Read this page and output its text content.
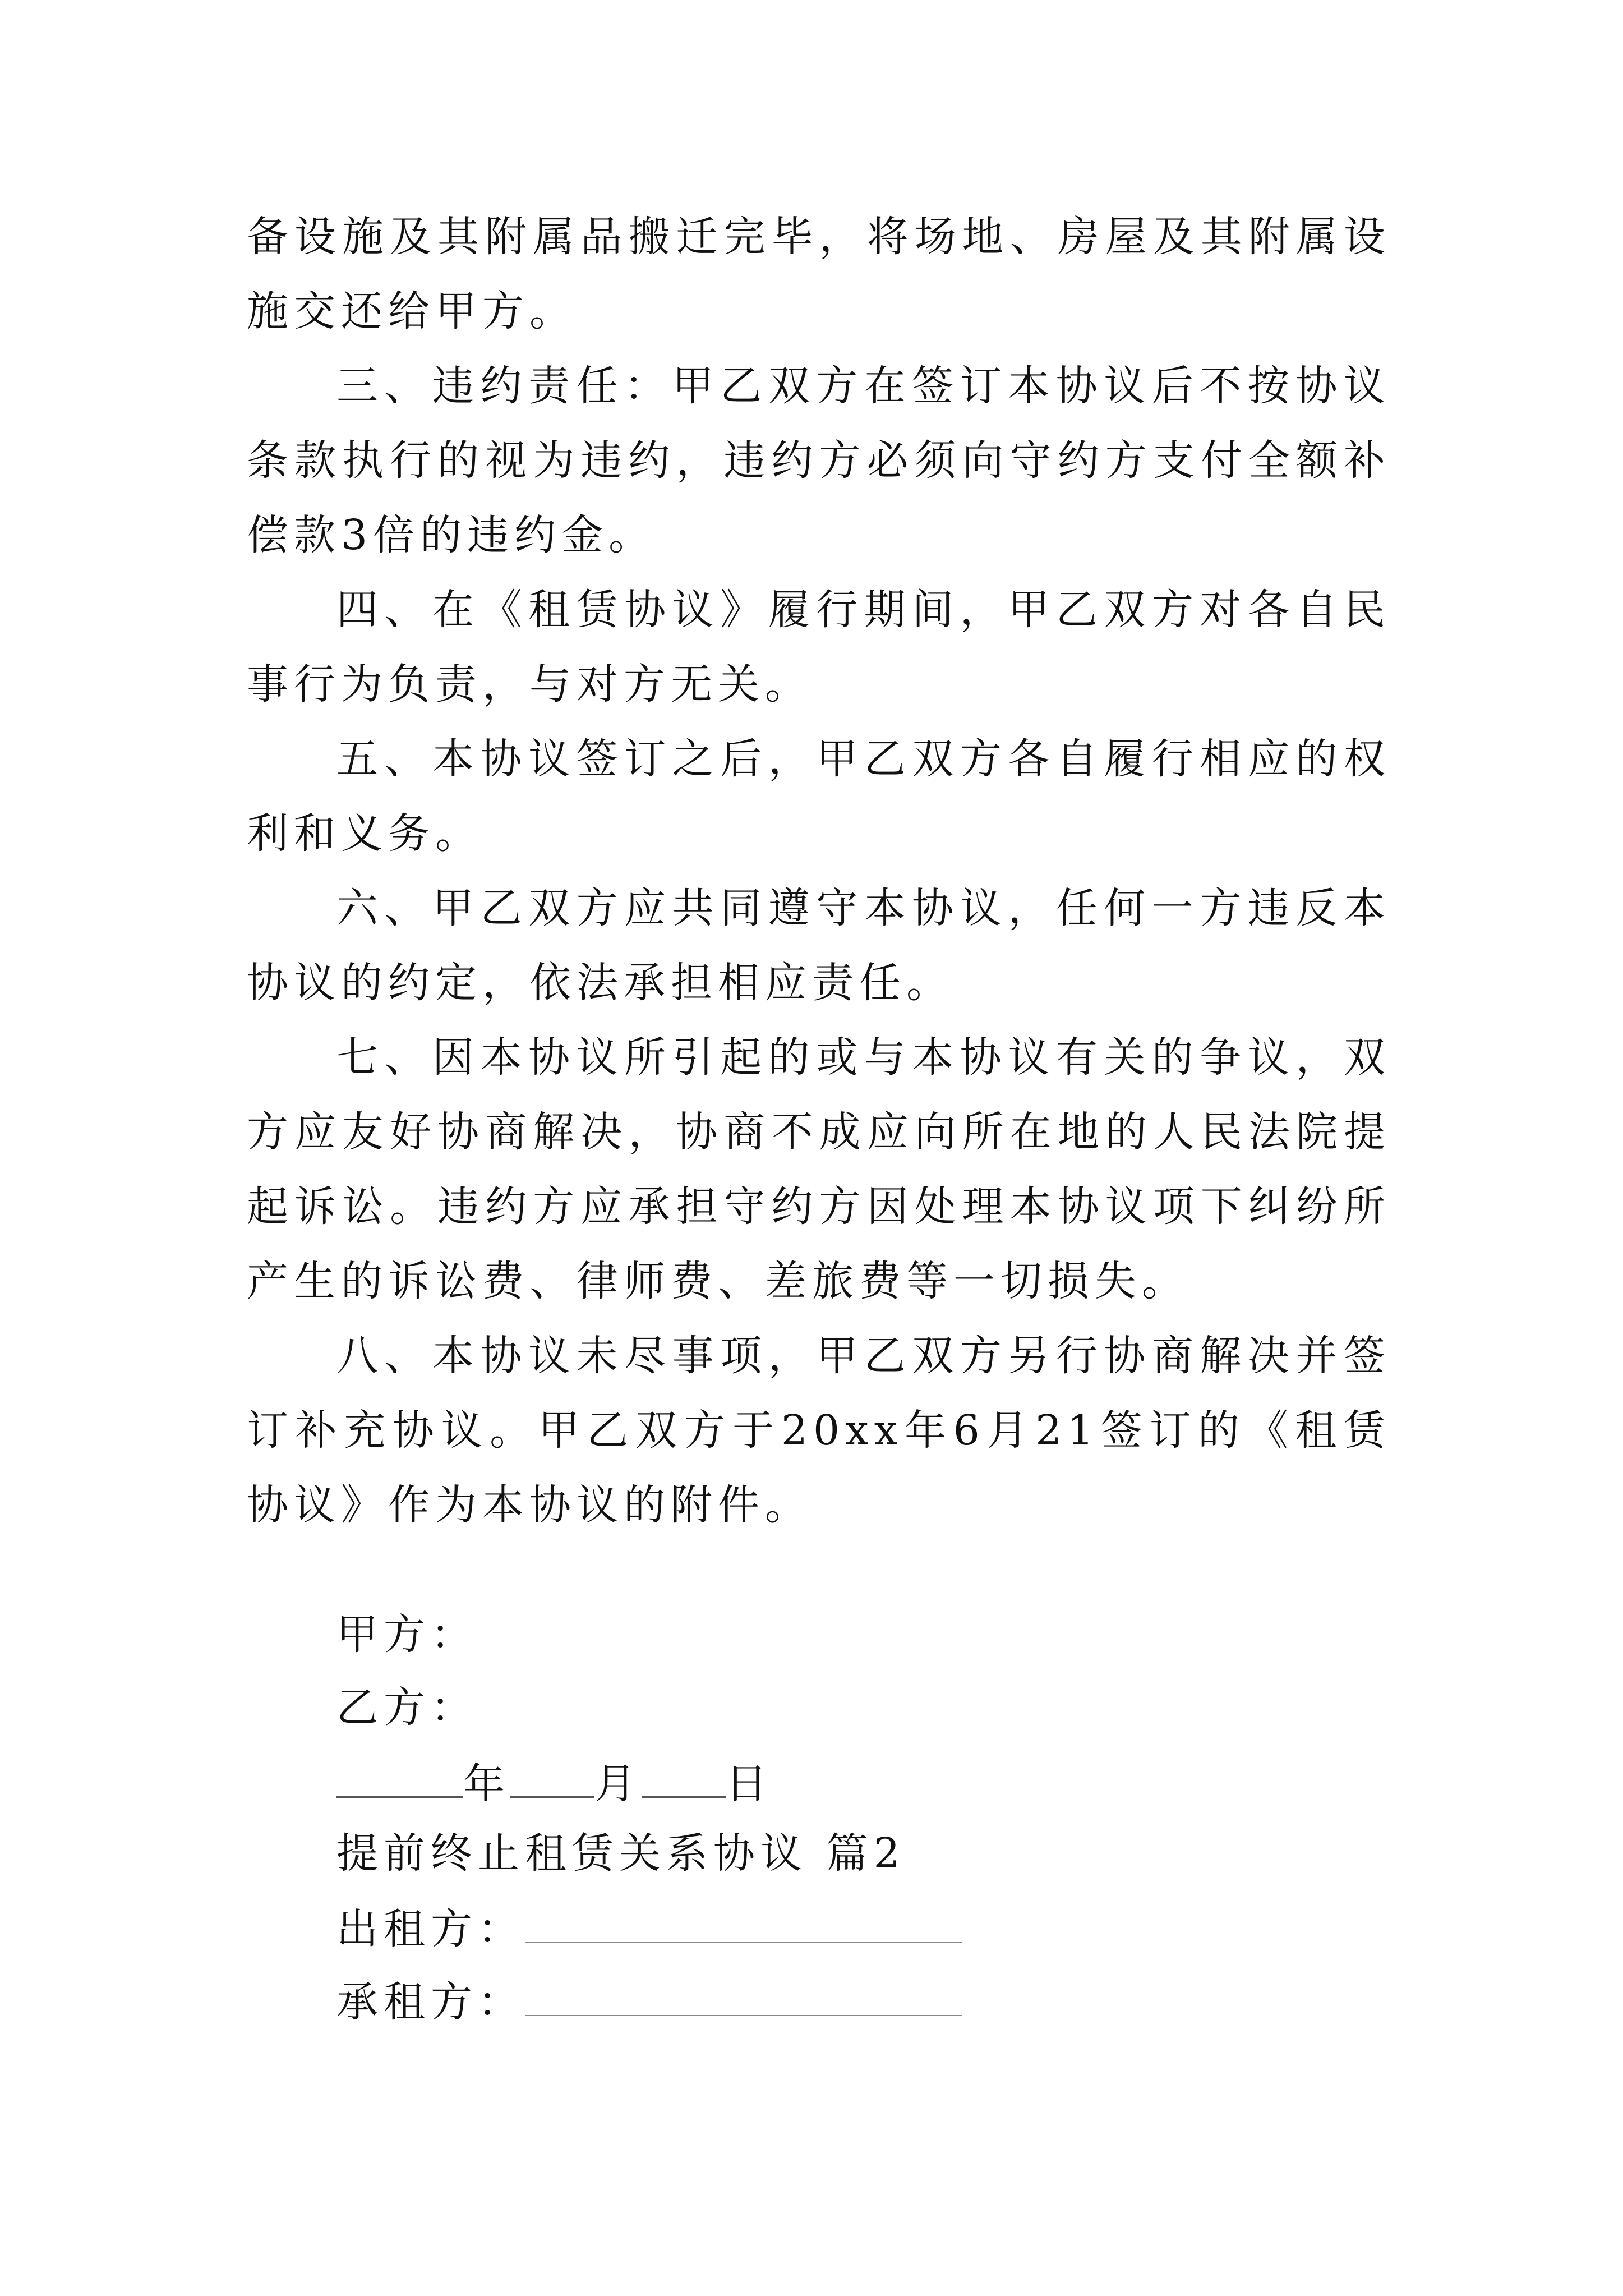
备设施及其附属品搬迁完毕，将场地、房屋及其附属设施交还给甲方。

三、违约责任：甲乙双方在签订本协议后不按协议条款执行的视为违约，违约方必须向守约方支付全额补偿款3倍的违约金。

四、在《租赁协议》履行期间，甲乙双方对各自民事行为负责，与对方无关。

五、本协议签订之后，甲乙双方各自履行相应的权利和义务。

六、甲乙双方应共同遵守本协议，任何一方违反本协议的约定，依法承担相应责任。

七、因本协议所引起的或与本协议有关的争议，双方应友好协商解决，协商不成应向所在地的人民法院提起诉讼。违约方应承担守约方因处理本协议项下纠纷所产生的诉讼费、律师费、差旅费等一切损失。

八、本协议未尽事项，甲乙双方另行协商解决并签订补充协议。甲乙双方于20xx年6月21签订的《租赁协议》作为本协议的附件。

甲方：
乙方：
年 月 日
提前终止租赁关系协议 篇2
出租方：
承租方：
